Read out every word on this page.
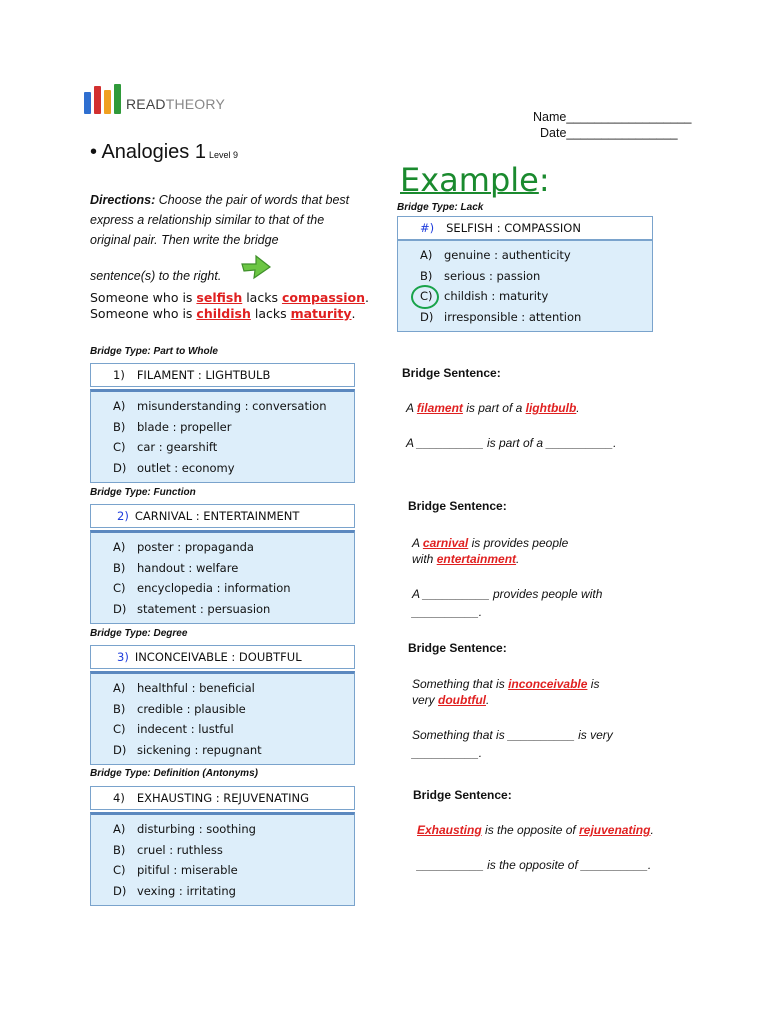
READTHEORY
Name__________________
Date________________
• Analogies 1 Level 9
Directions: Choose the pair of words that best express a relationship similar to that of the original pair. Then write the bridge
sentence(s) to the right.
Someone who is selfish lacks compassion.
Someone who is childish lacks maturity.
Example:
Bridge Type: Lack
#) SELFISH : COMPASSION
A)	genuine : authenticity
B)	serious : passion
C) childish : maturity
D) irresponsible : attention
Bridge Type: Part to Whole
1) FILAMENT : LIGHTBULB
A)	misunderstanding : conversation
B)	blade : propeller
C) car : gearshift
D) outlet : economy
Bridge Sentence:
A filament is part of a lightbulb.
A __________ is part of a __________.
Bridge Type: Function
2) CARNIVAL : ENTERTAINMENT
A)	poster : propaganda
B)	handout : welfare
C) encyclopedia : information
D) statement : persuasion
Bridge Sentence:
A carnival is provides people with entertainment.
A __________ provides people with __________.
Bridge Type: Degree
3) INCONCEIVABLE : DOUBTFUL
A)	healthful : beneficial
B)	credible : plausible
C) indecent : lustful
D) sickening : repugnant
Bridge Sentence:
Something that is inconceivable is very doubtful.
Something that is __________ is very __________.
Bridge Type: Definition (Antonyms)
4) EXHAUSTING : REJUVENATING
A)	disturbing : soothing
B)	cruel : ruthless
C) pitiful : miserable
D) vexing : irritating
Bridge Sentence:
Exhausting is the opposite of rejuvenating.
__________ is the opposite of __________.
